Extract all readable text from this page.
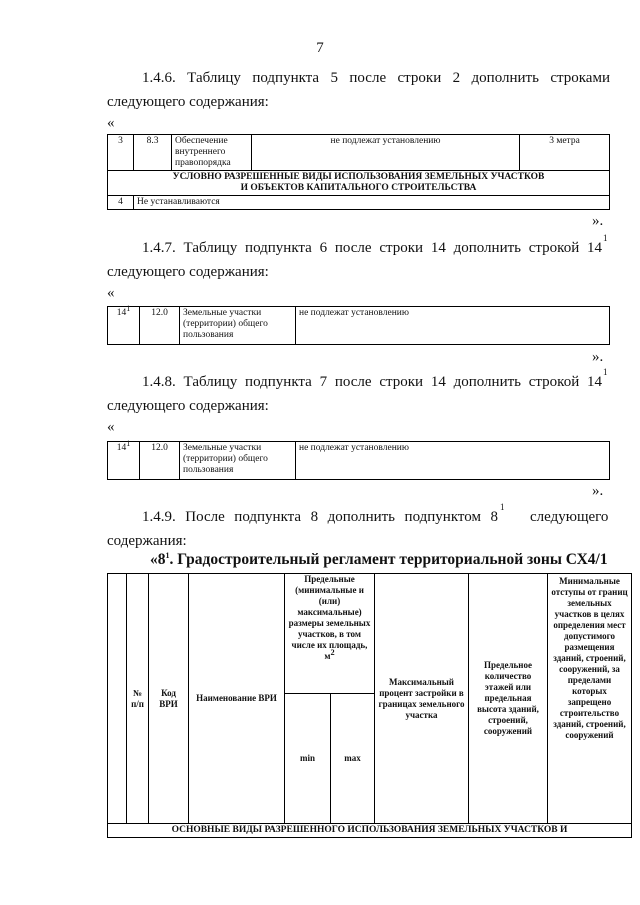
7
1.4.6. Таблицу подпункта 5 после строки 2 дополнить строками
следующего содержания:
«
3	8.3	Обеспечение внутреннего правопорядка	не подлежат установлению	3 метра
УСЛОВНО РАЗРЕШЕННЫЕ ВИДЫ ИСПОЛЬЗОВАНИЯ ЗЕМЕЛЬНЫХ УЧАСТКОВ И ОБЪЕКТОВ КАПИТАЛЬНОГО СТРОИТЕЛЬСТВА				
4	Не устанавливаются			
».
1.4.7. Таблицу подпункта 6 после строки 14 дополнить строкой 14
1
следующего содержания:
«
$14^1$	12.0	Земельные участки (территории) общего пользования	не подлежат установлению
».
1.4.8. Таблицу подпункта 7 после строки 14 дополнить строкой 14
1
следующего содержания:
«
$14^1$	12.0	Земельные участки (территории) общего пользования	не подлежат установлению
».
1.4.9. После подпункта 8 дополнить подпунктом 8
1
следующего
содержания:
«$8^1$. Градостроительный регламент территориальной зоны СХ4/1
	№ п/п	Код ВРИ	Наименование ВРИ	Предельные (минимальные и (или) максимальные) размеры земельных участков, в том числе их площадь, $м^2$		Максимальный процент застройки в границах земельного участка	Предельное количество этажей или предельная высота зданий, строений, сооружений	Минимальные отступы от границ земельных участков в целях определения мест допустимого размещения зданий, строений, сооружений, за пределами которых запрещено строительство зданий, строений, сооружений
				min	max			
ОСНОВНЫЕ ВИДЫ РАЗРЕШЕННОГО ИСПОЛЬЗОВАНИЯ ЗЕМЕЛЬНЫХ УЧАСТКОВ И								
